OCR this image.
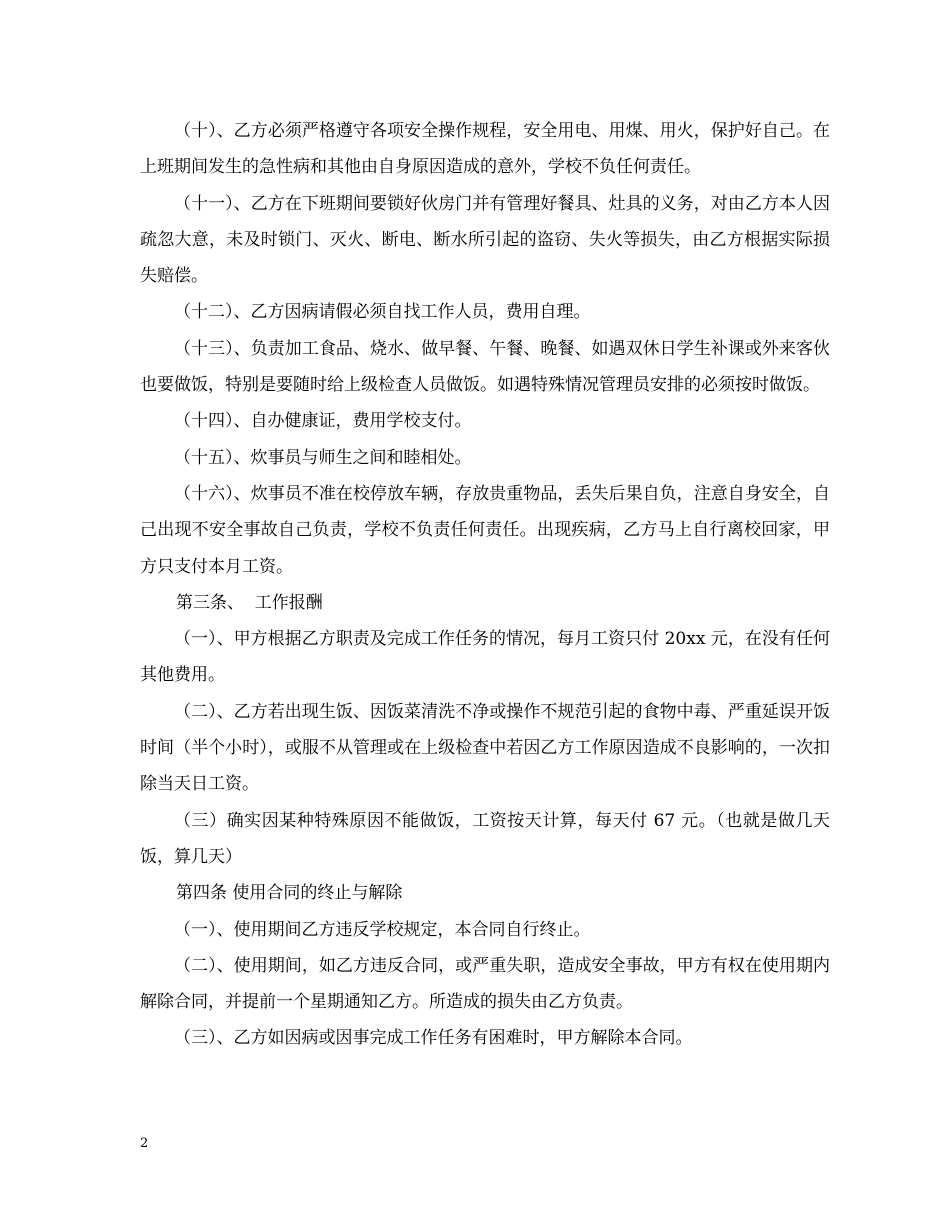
（十）、乙方必须严格遵守各项安全操作规程，安全用电、用煤、用火，保护好自己。在上班期间发生的急性病和其他由自身原因造成的意外，学校不负任何责任。

（十一）、乙方在下班期间要锁好伙房门并有管理好餐具、灶具的义务，对由乙方本人因疏忽大意，未及时锁门、灭火、断电、断水所引起的盗窃、失火等损失，由乙方根据实际损失赔偿。

（十二）、乙方因病请假必须自找工作人员，费用自理。

（十三）、负责加工食品、烧水、做早餐、午餐、晚餐、如遇双休日学生补课或外来客伙也要做饭，特别是要随时给上级检查人员做饭。如遇特殊情况管理员安排的必须按时做饭。

（十四）、自办健康证，费用学校支付。

（十五）、炊事员与师生之间和睦相处。

（十六）、炊事员不准在校停放车辆，存放贵重物品，丢失后果自负，注意自身安全，自己出现不安全事故自己负责，学校不负责任何责任。出现疾病，乙方马上自行离校回家，甲方只支付本月工资。

第三条、  工作报酬

（一）、甲方根据乙方职责及完成工作任务的情况，每月工资只付 20xx 元，在没有任何其他费用。

（二）、乙方若出现生饭、因饭菜清洗不净或操作不规范引起的食物中毒、严重延误开饭时间（半个小时），或服不从管理或在上级检查中若因乙方工作原因造成不良影响的，一次扣除当天日工资。

（三）确实因某种特殊原因不能做饭，工资按天计算，每天付 67 元。（也就是做几天饭，算几天）

第四条 使用合同的终止与解除

（一）、使用期间乙方违反学校规定，本合同自行终止。

（二）、使用期间，如乙方违反合同，或严重失职，造成安全事故，甲方有权在使用期内解除合同，并提前一个星期通知乙方。所造成的损失由乙方负责。

（三）、乙方如因病或因事完成工作任务有困难时，甲方解除本合同。

2
